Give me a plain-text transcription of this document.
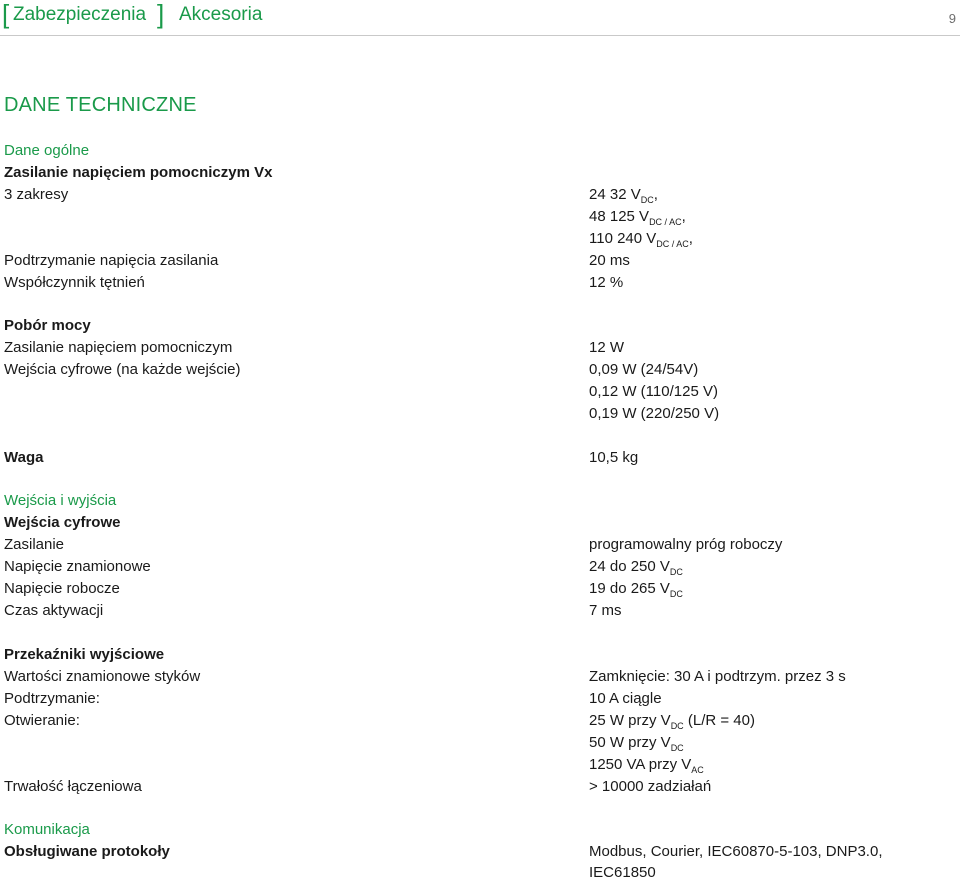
[ Zabezpieczenia ] Akcesoria	9
DANE TECHNICZNE
Dane ogólne
Zasilanie napięciem pomocniczym Vx
3 zakresy	24 32 $V_{DC}$,
48 125 $V_{DC / AC}$,
110 240 $V_{DC / AC}$,
Podtrzymanie napięcia zasilania	20 ms
Współczynnik tętnień	12 %
Pobór mocy
Zasilanie napięciem pomocniczym	12 W
Wejścia cyfrowe (na każde wejście)	0,09 W (24/54V)
0,12 W (110/125 V)
0,19 W (220/250 V)
Waga	10,5 kg
Wejścia i wyjścia
Wejścia cyfrowe
Zasilanie	programowalny próg roboczy
Napięcie znamionowe	24 do 250 $V_{DC}$
Napięcie robocze	19 do 265 $V_{DC}$
Czas aktywacji	7 ms
Przekaźniki wyjściowe
Wartości znamionowe styków	Zamknięcie: 30 A i podtrzym. przez 3 s
Podtrzymanie:	10 A ciągle
Otwieranie:	25 W przy $V_{DC}$ (L/R = 40)
50 W przy $V_{DC}$
1250 VA przy $V_{AC}$
Trwałość łączeniowa	> 10000 zadziałań
Komunikacja
Obsługiwane protokoły	Modbus, Courier, IEC60870-5-103, DNP3.0,
IEC61850
